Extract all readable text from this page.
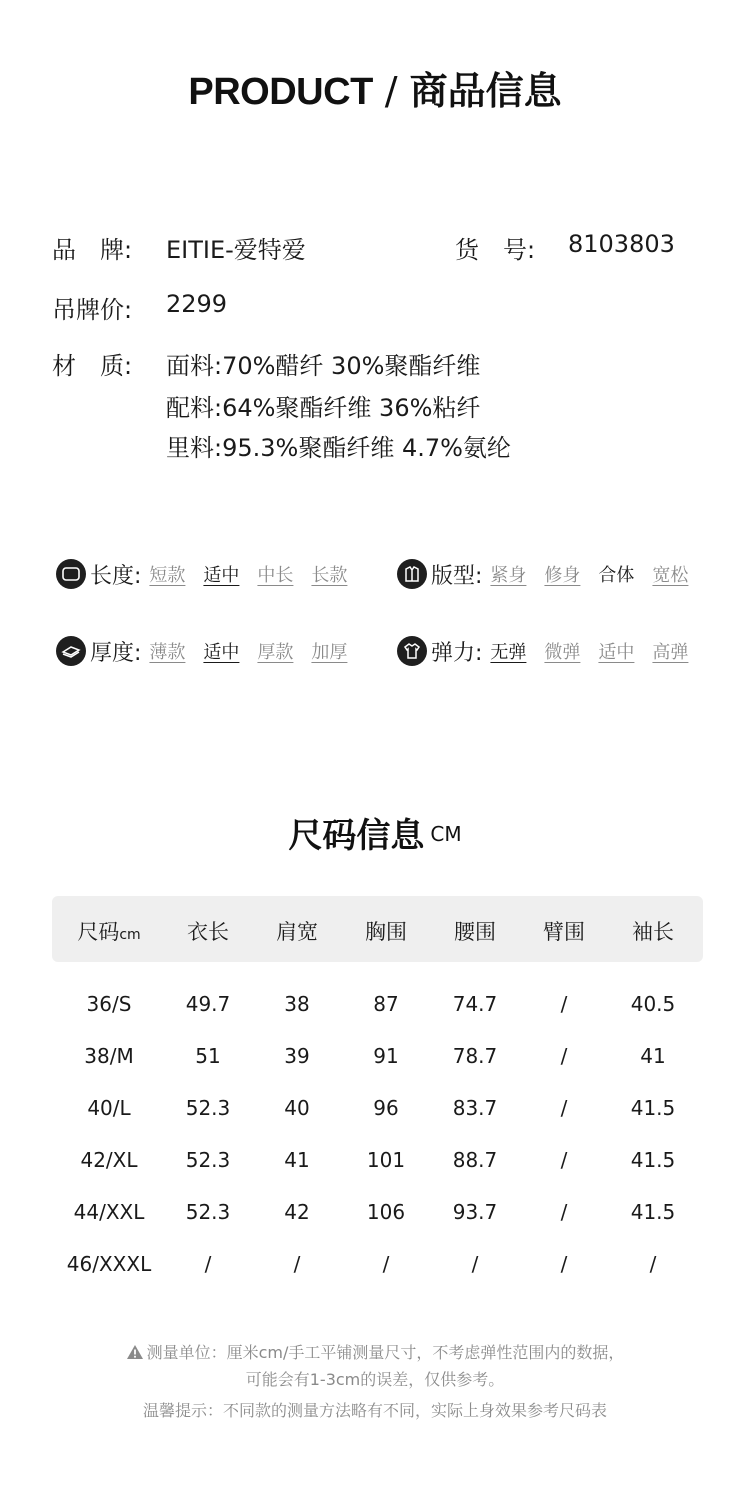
PRODUCT / 商品信息
品　牌: EITIE-爱特爱	货　号: 8103803
吊牌价: 2299
材　质: 面料:70%醋纤 30%聚酯纤维
配料:64%聚酯纤维 36%粘纤
里料:95.3%聚酯纤维 4.7%氨纶
长度: 短款 适中 中长 长款	版型: 紧身 修身 合体 宽松
厚度: 薄款 适中 厚款 加厚	弹力: 无弹 微弹 适中 高弹
尺码信息 CM
尺码cm	衣长	肩宽	胸围	腰围	臂围	袖长
36/S	49.7	38	87	74.7	/	40.5
38/M	51	39	91	78.7	/	41
40/L	52.3	40	96	83.7	/	41.5
42/XL	52.3	41	101	88.7	/	41.5
44/XXL	52.3	42	106	93.7	/	41.5
46/XXXL	/	/	/	/	/	/
测量单位：厘米cm/手工平铺测量尺寸，不考虑弹性范围内的数据，
可能会有1-3cm的误差，仅供参考。
温馨提示：不同款的测量方法略有不同，实际上身效果参考尺码表
